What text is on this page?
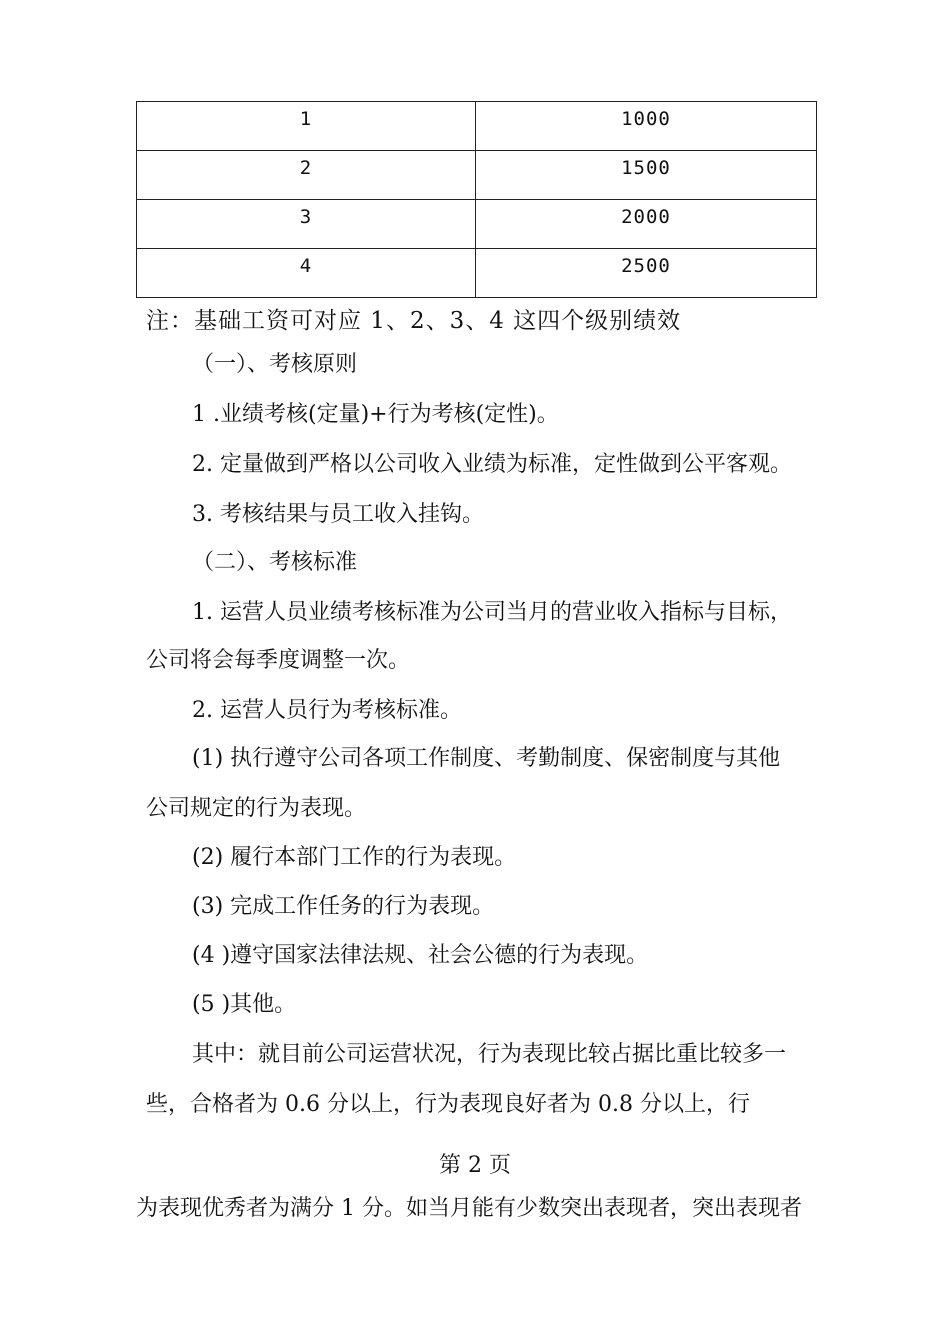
1	1000
2	1500
3	2000
4	2500
注：基础工资可对应 1、2、3、4 这四个级别绩效
（一）、考核原则
1 .业绩考核(定量)+行为考核(定性)。
2. 定量做到严格以公司收入业绩为标准，定性做到公平客观。
3. 考核结果与员工收入挂钩。
（二）、考核标准
1. 运营人员业绩考核标准为公司当月的营业收入指标与目标，
公司将会每季度调整一次。
2. 运营人员行为考核标准。
(1) 执行遵守公司各项工作制度、考勤制度、保密制度与其他
公司规定的行为表现。
(2) 履行本部门工作的行为表现。
(3) 完成工作任务的行为表现。
(4 )遵守国家法律法规、社会公德的行为表现。
(5 )其他。
其中：就目前公司运营状况，行为表现比较占据比重比较多一
些，合格者为 0.6 分以上，行为表现良好者为 0.8 分以上，行
第 2 页
为表现优秀者为满分 1 分。如当月能有少数突出表现者，突出表现者
